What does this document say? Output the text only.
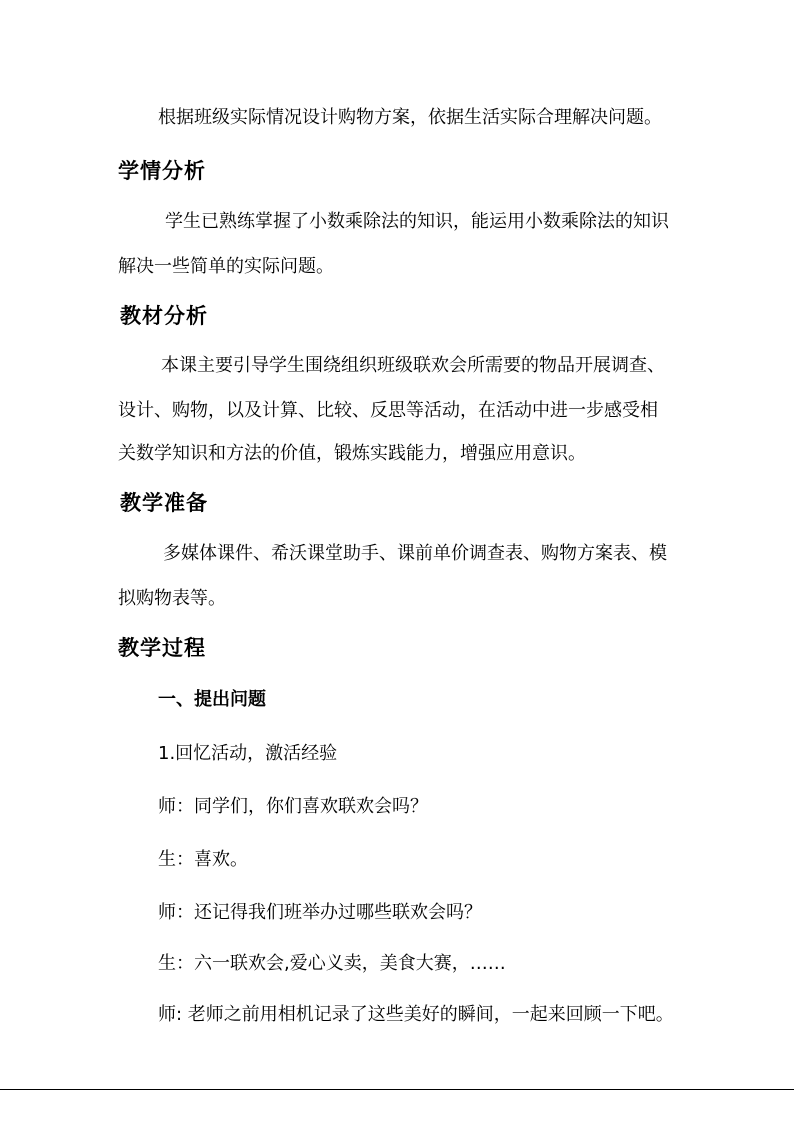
根据班级实际情况设计购物方案，依据生活实际合理解决问题。
学情分析
学生已熟练掌握了小数乘除法的知识，能运用小数乘除法的知识
解决一些简单的实际问题。
教材分析
本课主要引导学生围绕组织班级联欢会所需要的物品开展调查、
设计、购物，以及计算、比较、反思等活动，在活动中进一步感受相
关数学知识和方法的价值，锻炼实践能力，增强应用意识。
教学准备
多媒体课件、希沃课堂助手、课前单价调查表、购物方案表、模
拟购物表等。
教学过程
一、提出问题
1.回忆活动，激活经验
师：同学们，你们喜欢联欢会吗？
生：喜欢。
师：还记得我们班举办过哪些联欢会吗？
生：六一联欢会,爱心义卖，美食大赛，……
师: 老师之前用相机记录了这些美好的瞬间，一起来回顾一下吧。
